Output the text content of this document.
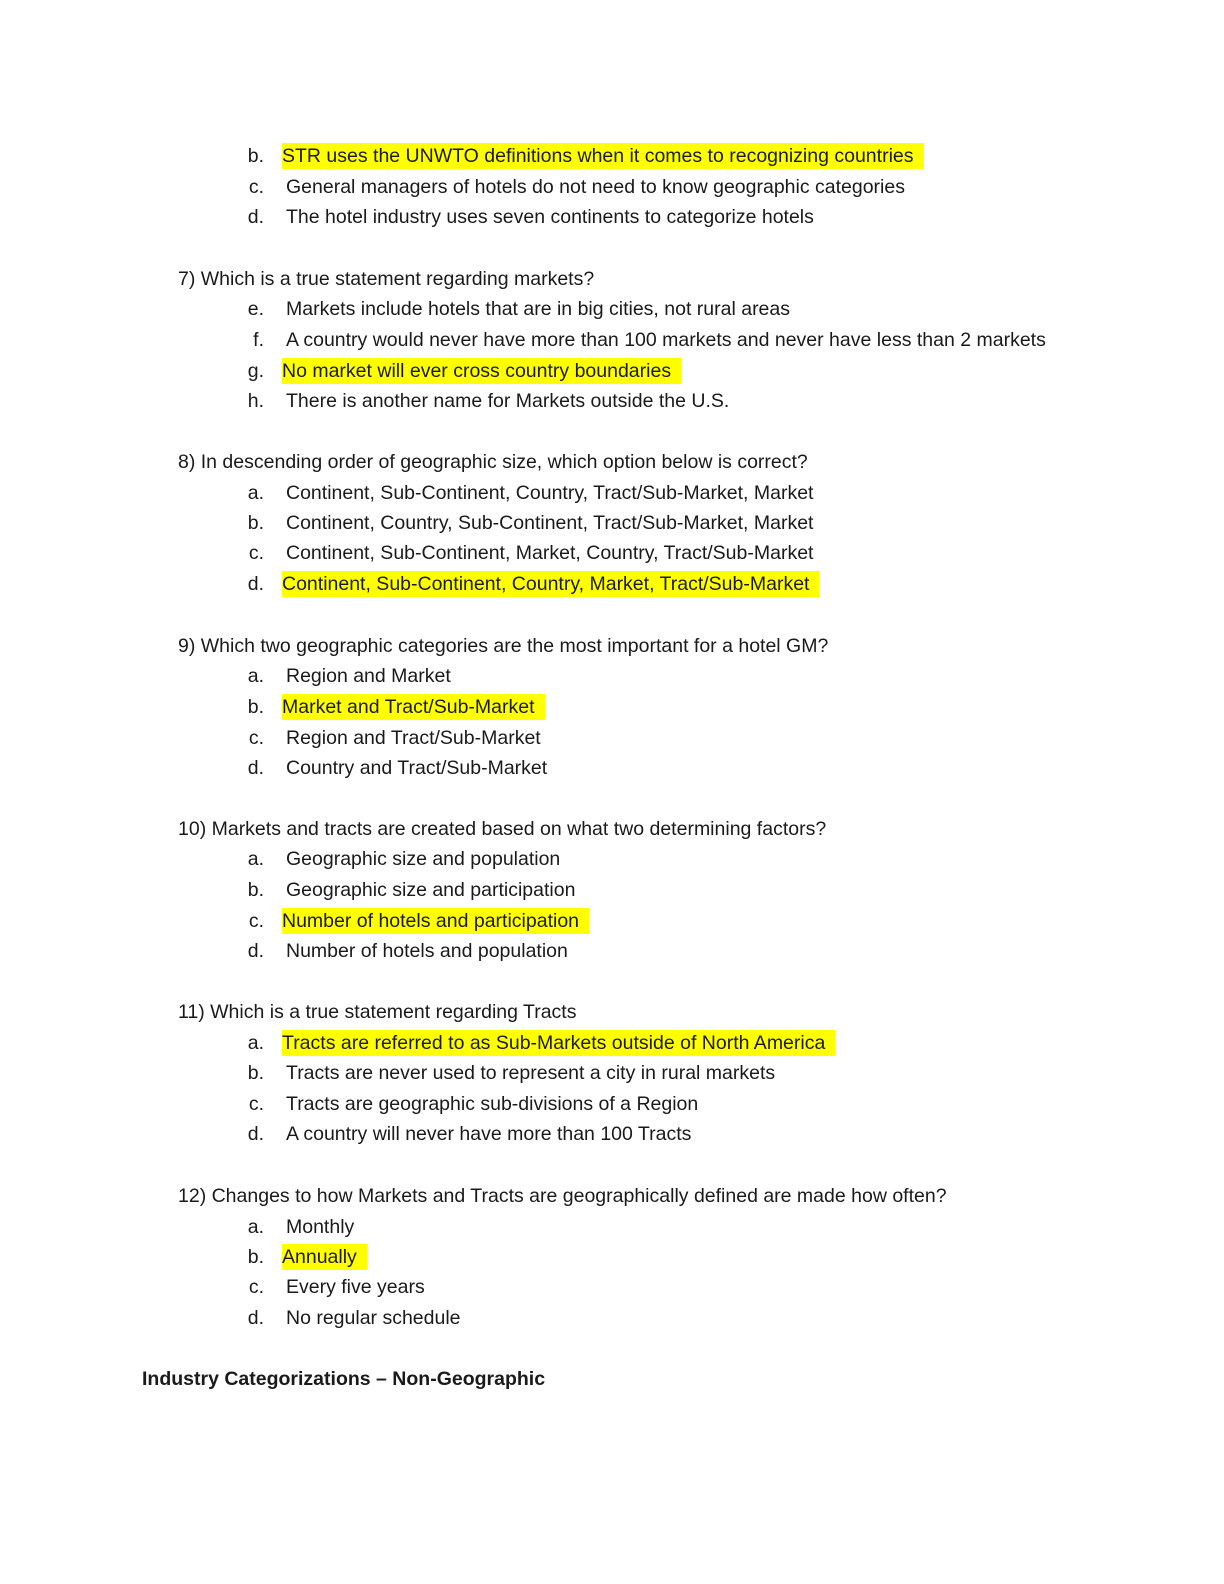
b. STR uses the UNWTO definitions when it comes to recognizing countries
c. General managers of hotels do not need to know geographic categories
d. The hotel industry uses seven continents to categorize hotels
7) Which is a true statement regarding markets?
e. Markets include hotels that are in big cities, not rural areas
f. A country would never have more than 100 markets and never have less than 2 markets
g. No market will ever cross country boundaries
h. There is another name for Markets outside the U.S.
8) In descending order of geographic size, which option below is correct?
a. Continent, Sub-Continent, Country, Tract/Sub-Market, Market
b. Continent, Country, Sub-Continent, Tract/Sub-Market, Market
c. Continent, Sub-Continent, Market, Country, Tract/Sub-Market
d. Continent, Sub-Continent, Country, Market, Tract/Sub-Market
9) Which two geographic categories are the most important for a hotel GM?
a. Region and Market
b. Market and Tract/Sub-Market
c. Region and Tract/Sub-Market
d. Country and Tract/Sub-Market
10) Markets and tracts are created based on what two determining factors?
a. Geographic size and population
b. Geographic size and participation
c. Number of hotels and participation
d. Number of hotels and population
11) Which is a true statement regarding Tracts
a. Tracts are referred to as Sub-Markets outside of North America
b. Tracts are never used to represent a city in rural markets
c. Tracts are geographic sub-divisions of a Region
d. A country will never have more than 100 Tracts
12) Changes to how Markets and Tracts are geographically defined are made how often?
a. Monthly
b. Annually
c. Every five years
d. No regular schedule
Industry Categorizations – Non-Geographic
